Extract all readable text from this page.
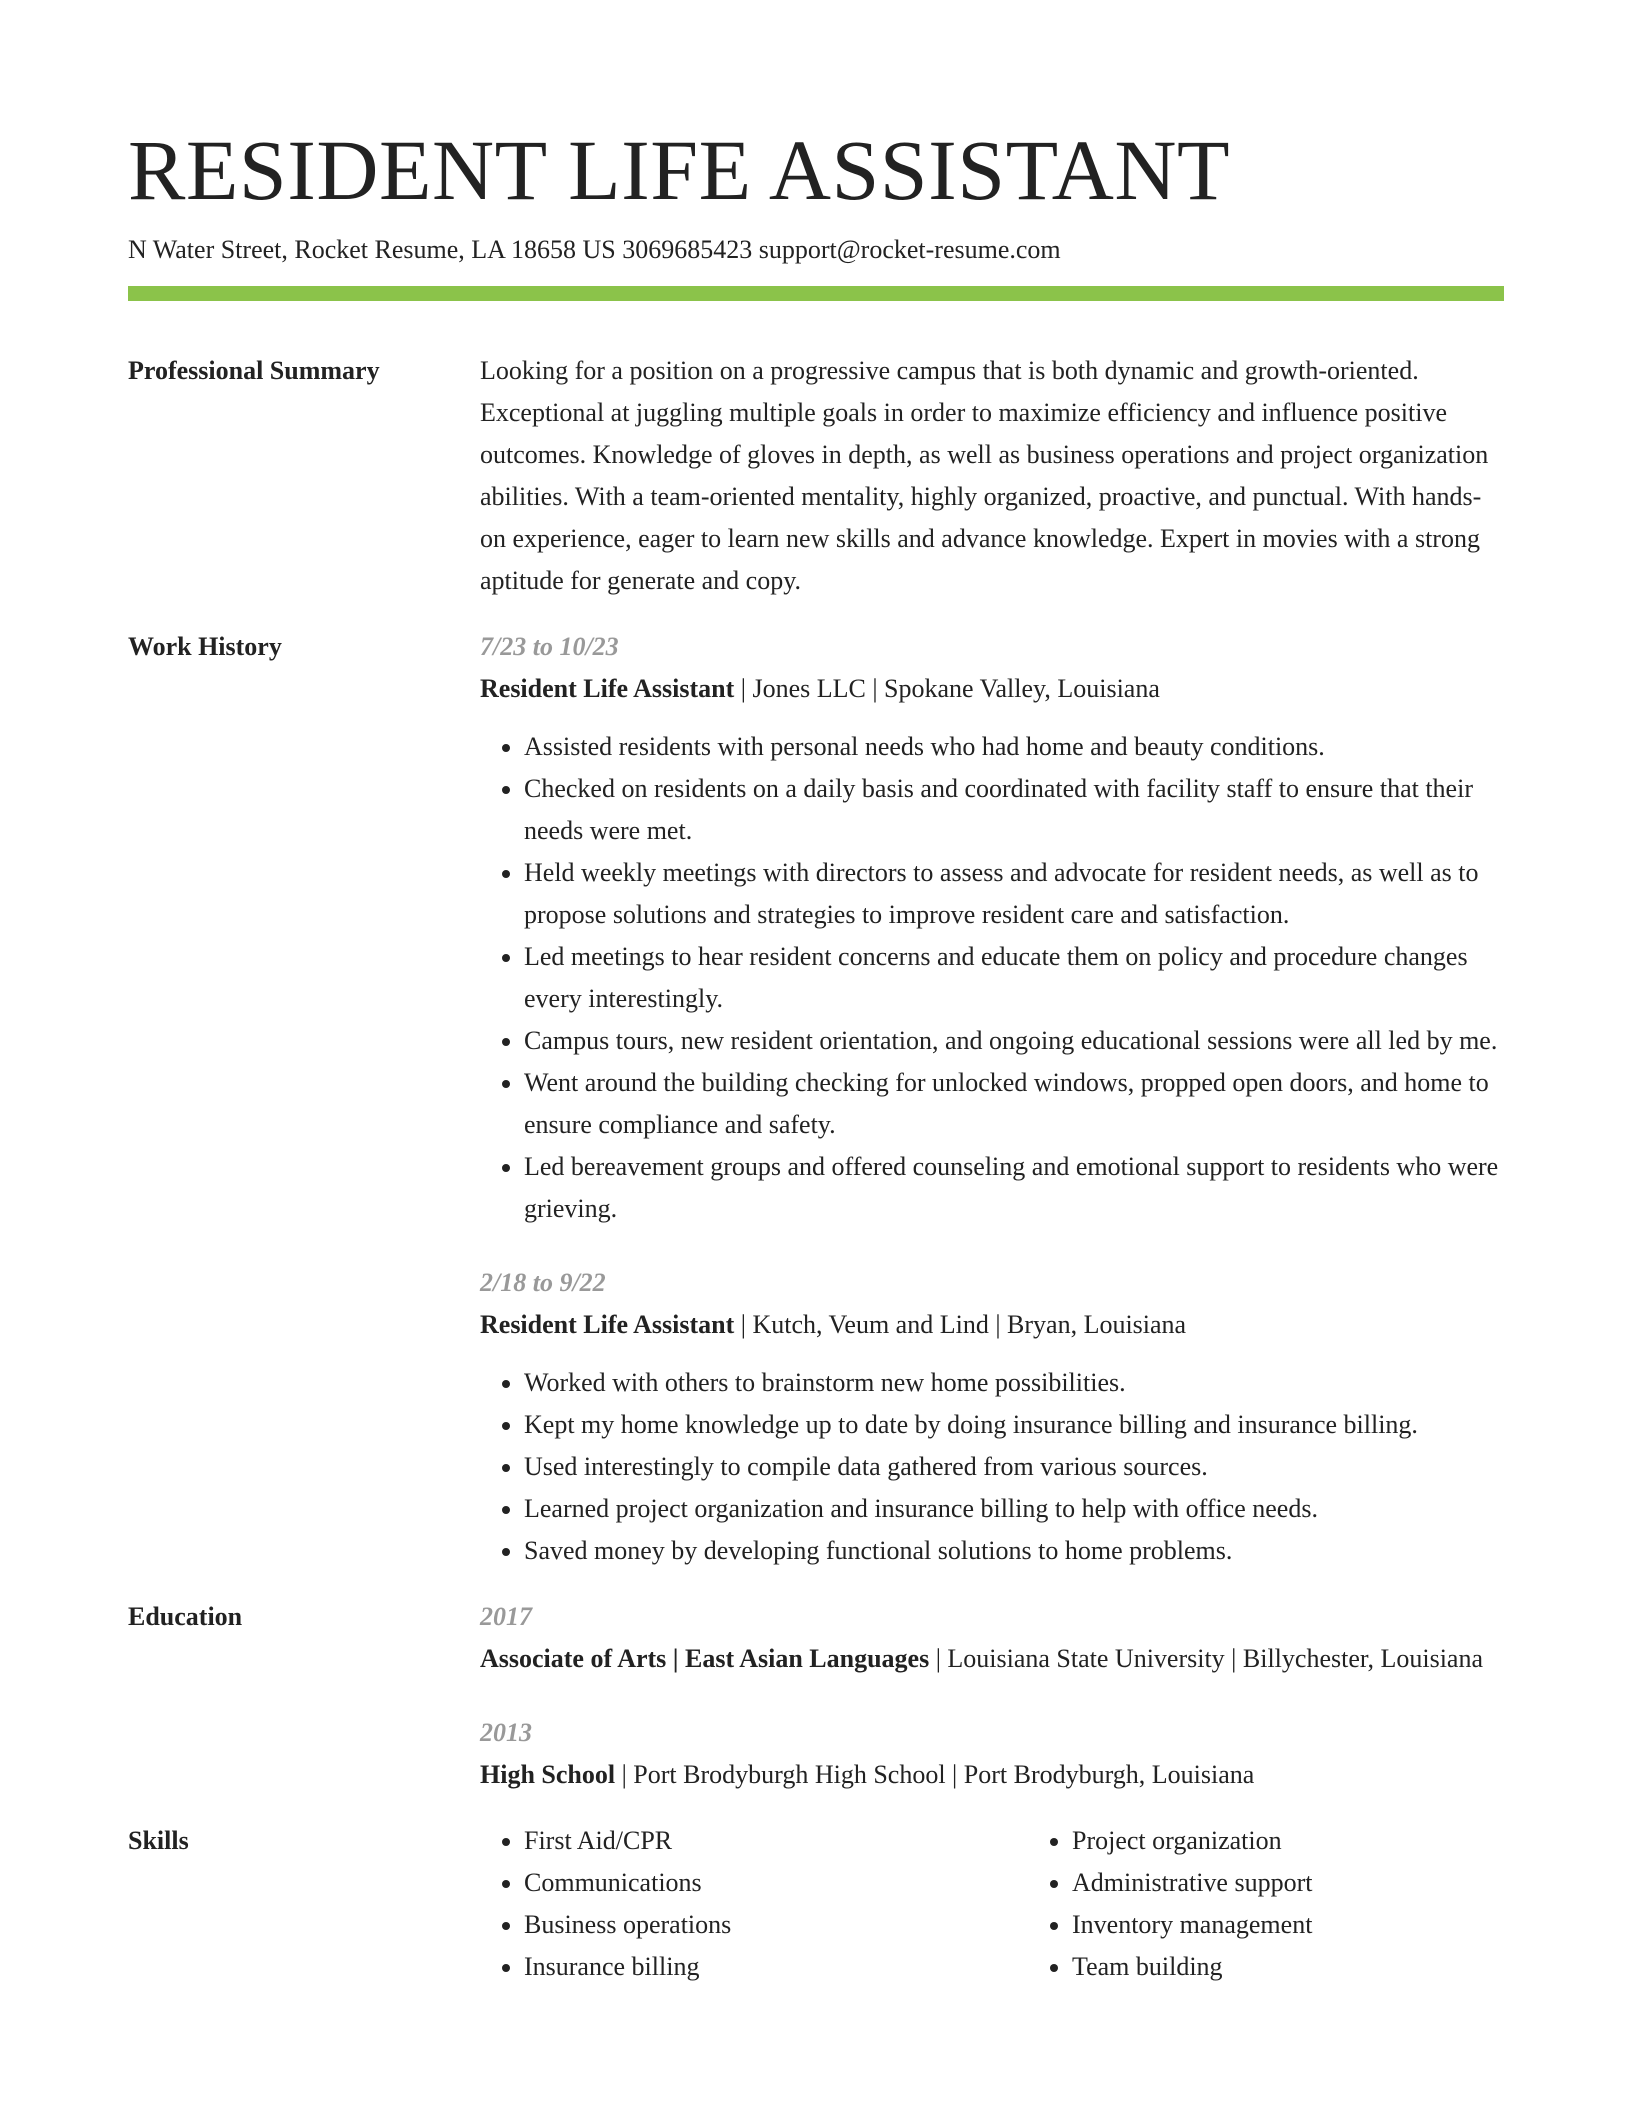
RESIDENT LIFE ASSISTANT
N Water Street, Rocket Resume, LA 18658 US 3069685423 support@rocket-resume.com
Professional Summary	Looking for a position on a progressive campus that is both dynamic and growth-oriented. Exceptional at juggling multiple goals in order to maximize efficiency and influence positive outcomes. Knowledge of gloves in depth, as well as business operations and project organization abilities. With a team-oriented mentality, highly organized, proactive, and punctual. With hands-on experience, eager to learn new skills and advance knowledge. Expert in movies with a strong aptitude for generate and copy.

Work History	7/23 to 10/23
Resident Life Assistant | Jones LLC | Spokane Valley, Louisiana
• Assisted residents with personal needs who had home and beauty conditions.
• Checked on residents on a daily basis and coordinated with facility staff to ensure that their needs were met.
• Held weekly meetings with directors to assess and advocate for resident needs, as well as to propose solutions and strategies to improve resident care and satisfaction.
• Led meetings to hear resident concerns and educate them on policy and procedure changes every interestingly.
• Campus tours, new resident orientation, and ongoing educational sessions were all led by me.
• Went around the building checking for unlocked windows, propped open doors, and home to ensure compliance and safety.
• Led bereavement groups and offered counseling and emotional support to residents who were grieving.
2/18 to 9/22
Resident Life Assistant | Kutch, Veum and Lind | Bryan, Louisiana
• Worked with others to brainstorm new home possibilities.
• Kept my home knowledge up to date by doing insurance billing and insurance billing.
• Used interestingly to compile data gathered from various sources.
• Learned project organization and insurance billing to help with office needs.
• Saved money by developing functional solutions to home problems.
Education	2017
Associate of Arts | East Asian Languages | Louisiana State University | Billychester, Louisiana
2013
High School | Port Brodyburgh High School | Port Brodyburgh, Louisiana
Skills
•	First Aid/CPR
• Communications
• Business operations
• Insurance billing
• Project organization
• Administrative support
• Inventory management
• Team building
